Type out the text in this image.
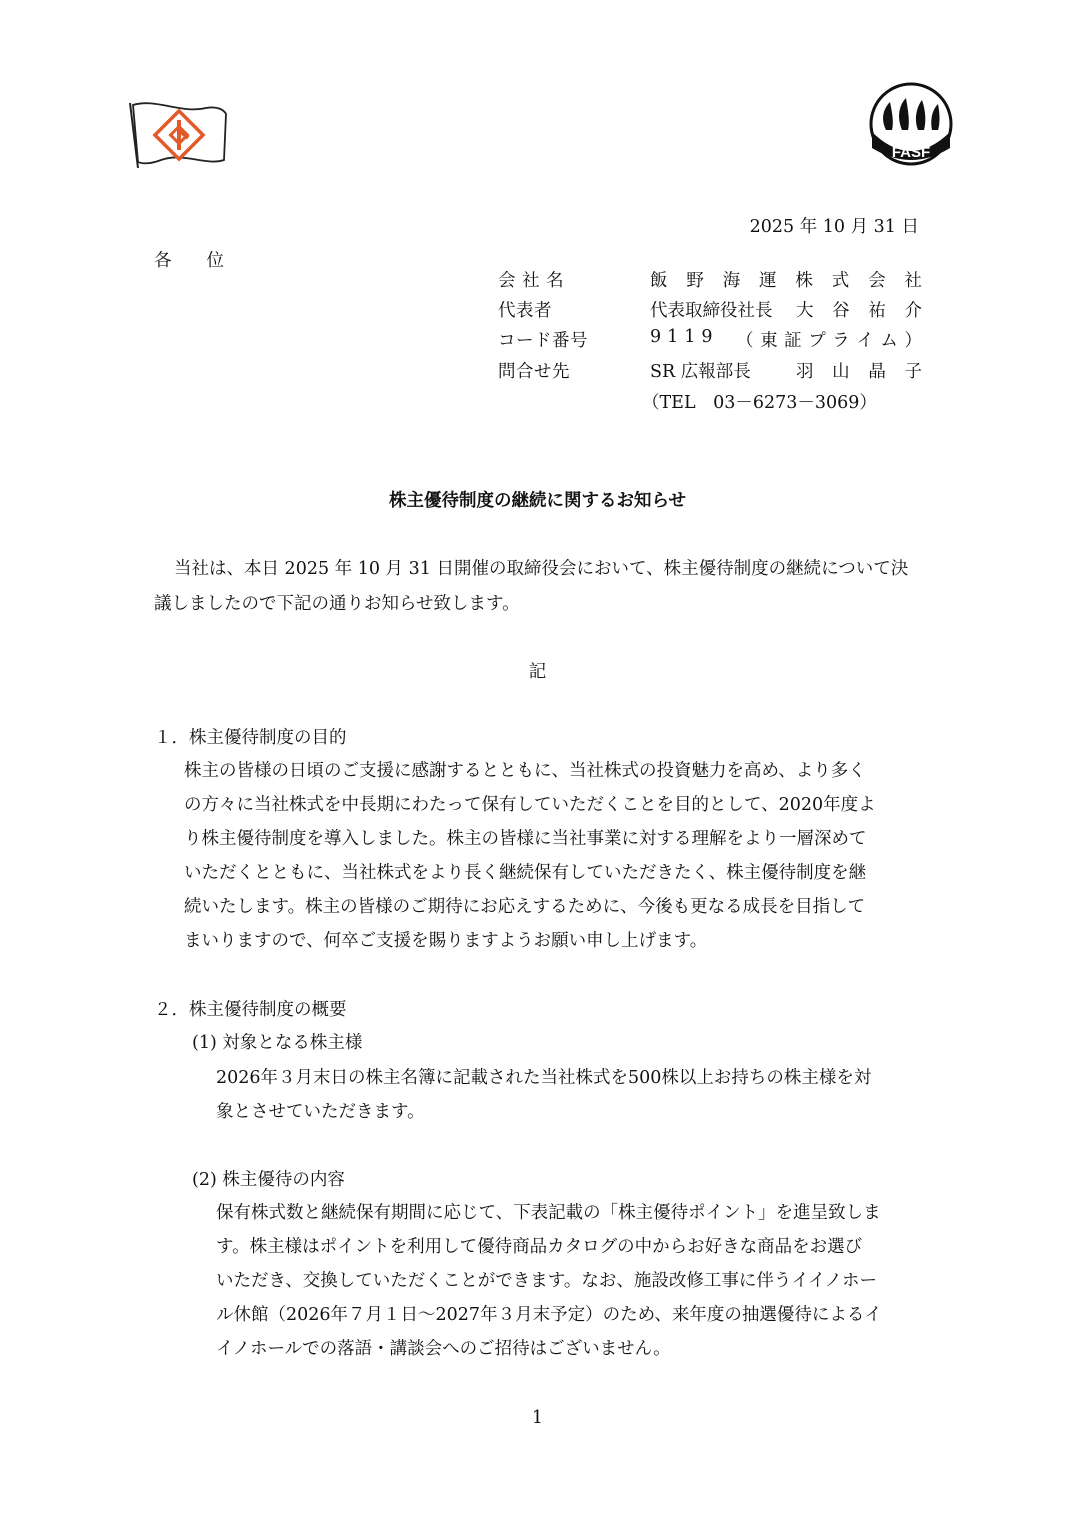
FASF
2025 年 10 月 31 日
各　　位
会 社 名	飯 野 海 運 株 式 会 社
代表者	代表取締役社長 大 谷 祐 介
コード番号	9119 （ 東 証 プ ラ イ ム ）
問合せ先	SR 広報部長	羽 山 晶 子
（TEL　03－6273－3069）
株主優待制度の継続に関するお知らせ
当社は、本日 2025 年 10 月 31 日開催の取締役会において、株主優待制度の継続について決
議しましたので下記の通りお知らせ致します。
記
１．株主優待制度の目的
株主の皆様の日頃のご支援に感謝するとともに、当社株式の投資魅力を高め、より多く
の方々に当社株式を中長期にわたって保有していただくことを目的として、2020年度よ
り株主優待制度を導入しました。株主の皆様に当社事業に対する理解をより一層深めて
いただくとともに、当社株式をより長く継続保有していただきたく、株主優待制度を継
続いたします。株主の皆様のご期待にお応えするために、今後も更なる成長を目指して
まいりますので、何卒ご支援を賜りますようお願い申し上げます。
２．株主優待制度の概要
(1) 対象となる株主様
2026年３月末日の株主名簿に記載された当社株式を500株以上お持ちの株主様を対
象とさせていただきます。
(2) 株主優待の内容
保有株式数と継続保有期間に応じて、下表記載の「株主優待ポイント」を進呈致しま
す。株主様はポイントを利用して優待商品カタログの中からお好きな商品をお選び
いただき、交換していただくことができます。なお、施設改修工事に伴うイイノホー
ル休館（2026年７月１日～2027年３月末予定）のため、来年度の抽選優待によるイ
イノホールでの落語・講談会へのご招待はございません。
1
